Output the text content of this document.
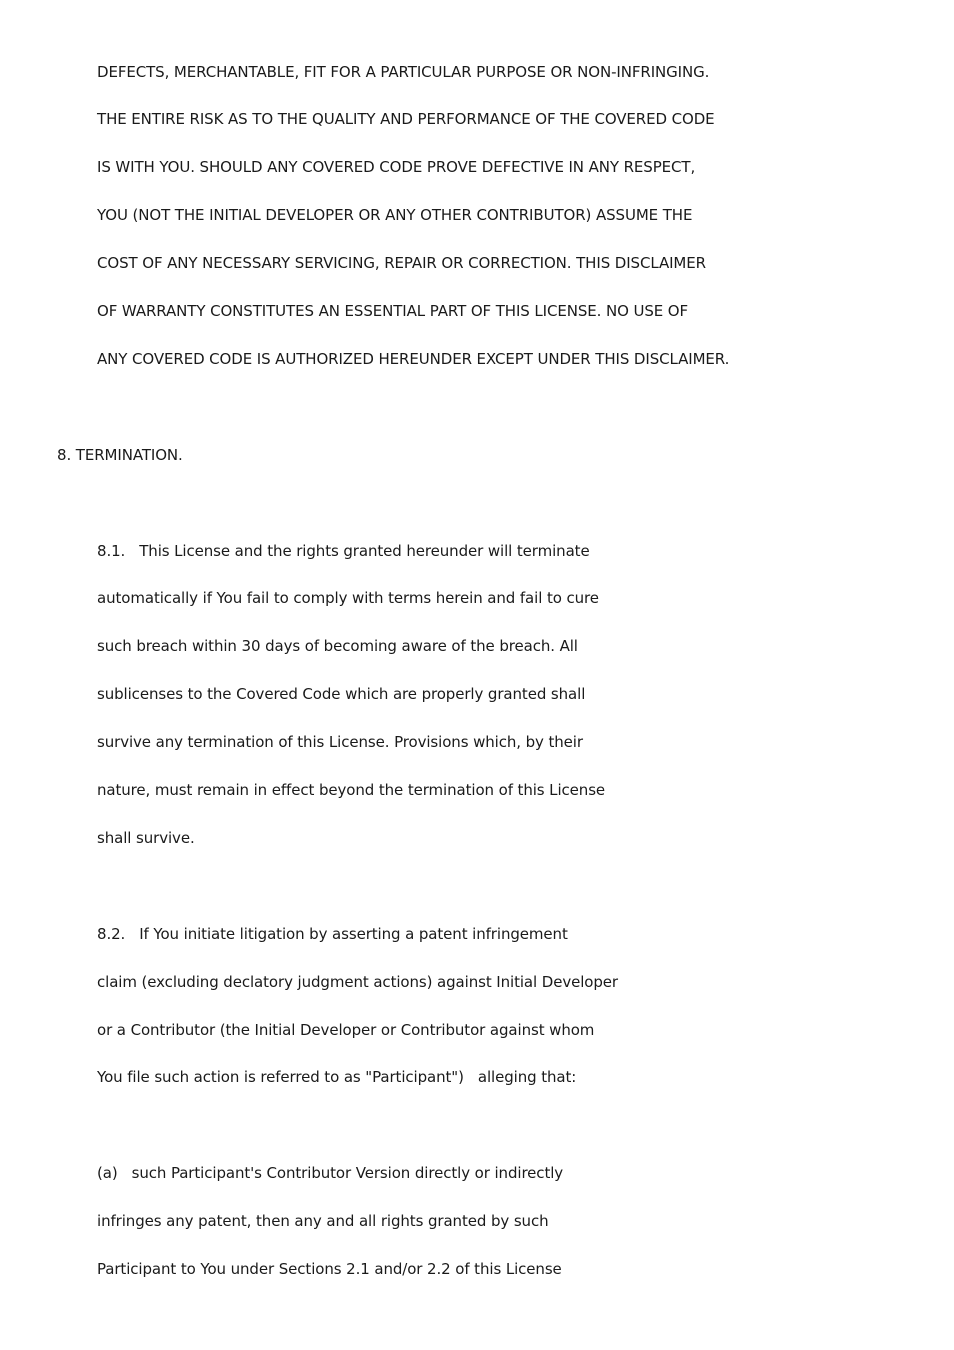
DEFECTS, MERCHANTABLE, FIT FOR A PARTICULAR PURPOSE OR NON-INFRINGING.
THE ENTIRE RISK AS TO THE QUALITY AND PERFORMANCE OF THE COVERED CODE
IS WITH YOU. SHOULD ANY COVERED CODE PROVE DEFECTIVE IN ANY RESPECT,
YOU (NOT THE INITIAL DEVELOPER OR ANY OTHER CONTRIBUTOR) ASSUME THE
COST OF ANY NECESSARY SERVICING, REPAIR OR CORRECTION. THIS DISCLAIMER
OF WARRANTY CONSTITUTES AN ESSENTIAL PART OF THIS LICENSE. NO USE OF
ANY COVERED CODE IS AUTHORIZED HEREUNDER EXCEPT UNDER THIS DISCLAIMER.
8. TERMINATION.
8.1.   This License and the rights granted hereunder will terminate
automatically if You fail to comply with terms herein and fail to cure
such breach within 30 days of becoming aware of the breach. All
sublicenses to the Covered Code which are properly granted shall
survive any termination of this License. Provisions which, by their
nature, must remain in effect beyond the termination of this License
shall survive.
8.2.   If You initiate litigation by asserting a patent infringement
claim (excluding declatory judgment actions) against Initial Developer
or a Contributor (the Initial Developer or Contributor against whom
You file such action is referred to as "Participant")   alleging that:
(a)   such Participant's Contributor Version directly or indirectly
infringes any patent, then any and all rights granted by such
Participant to You under Sections 2.1 and/or 2.2 of this License
